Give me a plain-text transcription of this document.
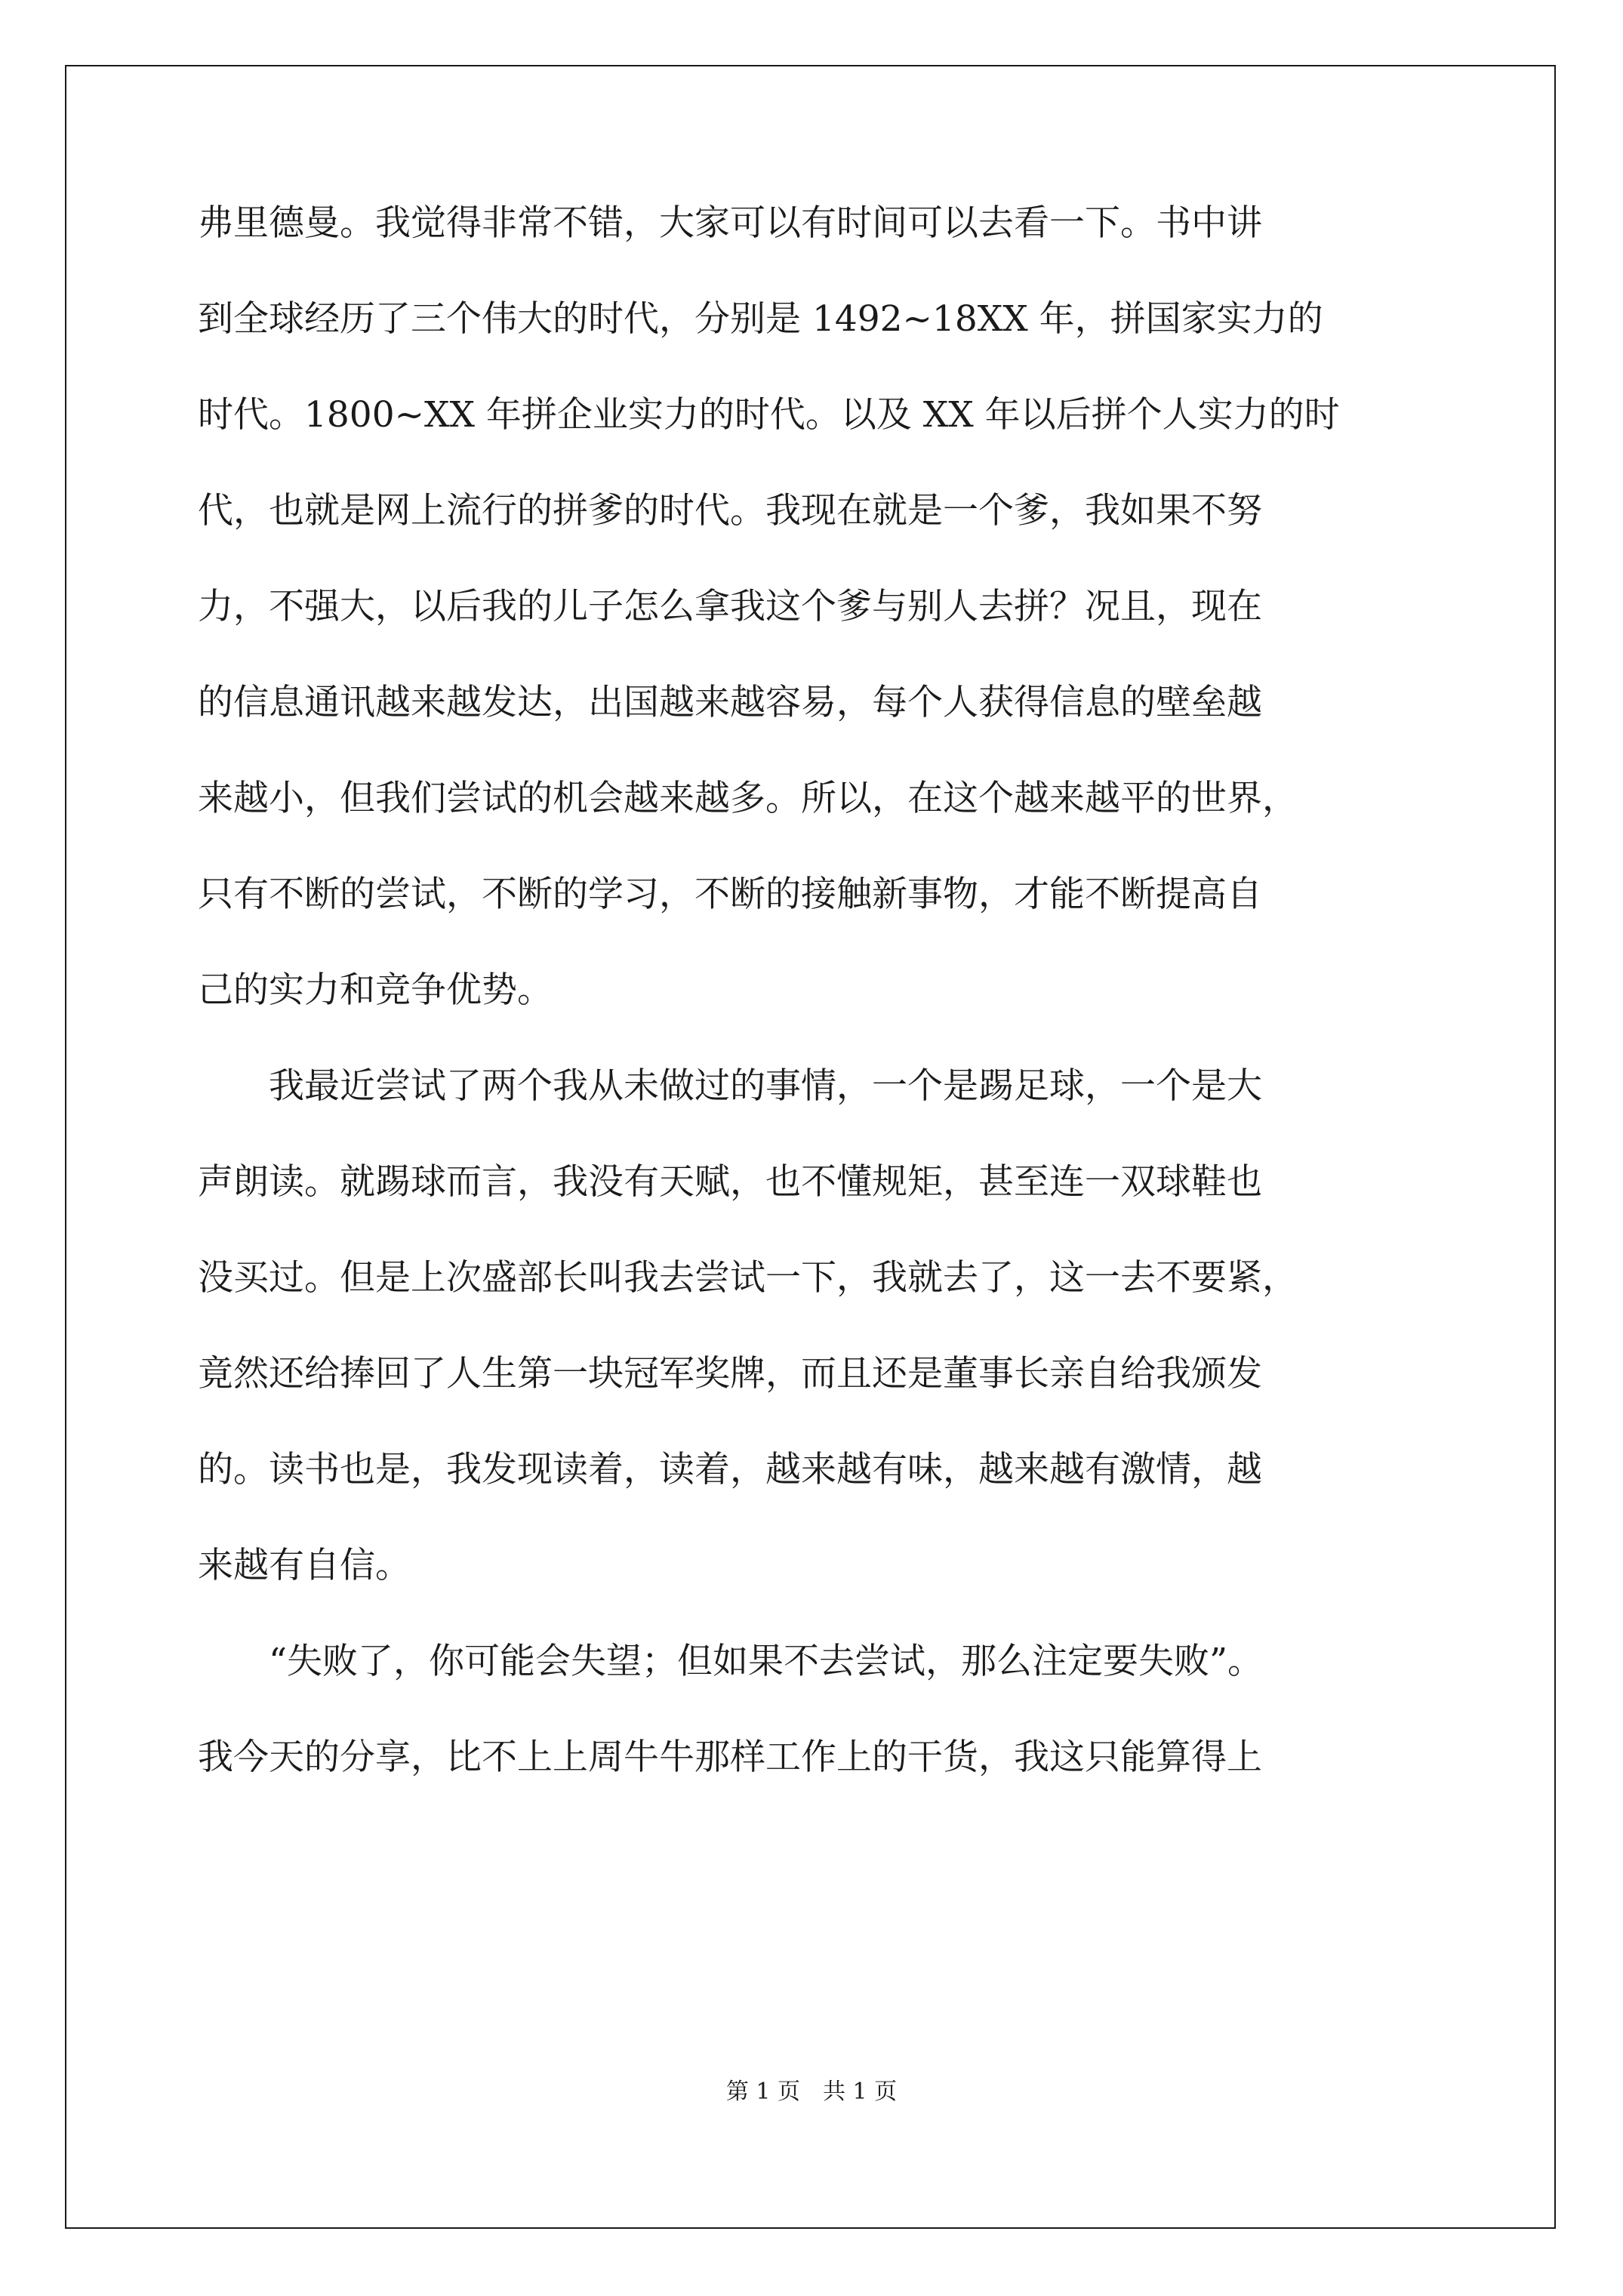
弗里德曼。我觉得非常不错，大家可以有时间可以去看一下。书中讲
到全球经历了三个伟大的时代，分别是 1492~18XX 年，拼国家实力的
时代。1800~XX 年拼企业实力的时代。以及 XX 年以后拼个人实力的时
代，也就是网上流行的拼爹的时代。我现在就是一个爹，我如果不努
力，不强大，以后我的儿子怎么拿我这个爹与别人去拼？况且，现在
的信息通讯越来越发达，出国越来越容易，每个人获得信息的壁垒越
来越小，但我们尝试的机会越来越多。所以，在这个越来越平的世界，
只有不断的尝试，不断的学习，不断的接触新事物，才能不断提高自
己的实力和竞争优势。
我最近尝试了两个我从未做过的事情，一个是踢足球，一个是大
声朗读。就踢球而言，我没有天赋，也不懂规矩，甚至连一双球鞋也
没买过。但是上次盛部长叫我去尝试一下，我就去了，这一去不要紧，
竟然还给捧回了人生第一块冠军奖牌，而且还是董事长亲自给我颁发
的。读书也是，我发现读着，读着，越来越有味，越来越有激情，越
来越有自信。
“失败了，你可能会失望；但如果不去尝试，那么注定要失败”。
我今天的分享，比不上上周牛牛那样工作上的干货，我这只能算得上
第 1 页　共 1 页
